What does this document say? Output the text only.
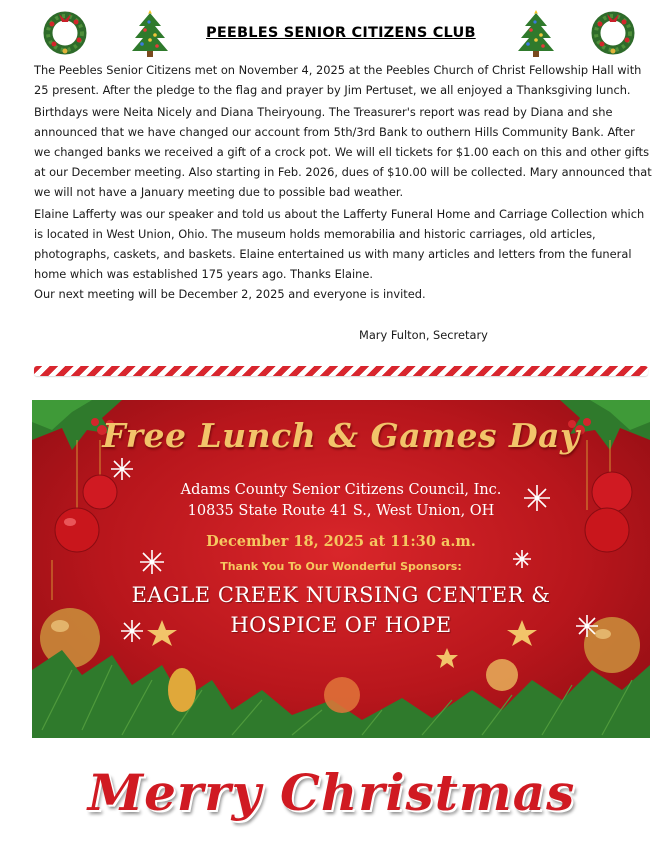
PEEBLES SENIOR CITIZENS CLUB

The Peebles Senior Citizens met on November 4, 2025 at the Peebles Church of Christ Fellowship Hall with 25 present. After the pledge to the flag and prayer by Jim Pertuset, we all enjoyed a Thanksgiving lunch.

Birthdays were Neita Nicely and Diana Theiryoung. The Treasurer's report was read by Diana and she announced that we have changed our account from 5th/3rd Bank to outhern Hills Community Bank. After we changed banks we received a gift of a crock pot. We will ell tickets for $1.00 each on this and other gifts at our December meeting. Also starting in Feb. 2026, dues of $10.00 will be collected. Mary announced that we will not have a January meeting due to possible bad weather.

Elaine Lafferty was our speaker and told us about the Lafferty Funeral Home and Carriage Collection which is located in West Union, Ohio. The museum holds memorabilia and historic carriages, old articles, photographs, caskets, and baskets. Elaine entertained us with many articles and letters from the funeral home which was established 175 years ago. Thanks Elaine.

Our next meeting will be December 2, 2025 and everyone is invited.

Mary Fulton, Secretary
Free Lunch & Games Day
Adams County Senior Citizens Council, Inc.
10835 State Route 41 S., West Union, OH
December 18, 2025 at 11:30 a.m.
Thank You To Our Wonderful Sponsors:
EAGLE CREEK NURSING CENTER &
HOSPICE OF HOPE
Merry Christmas
